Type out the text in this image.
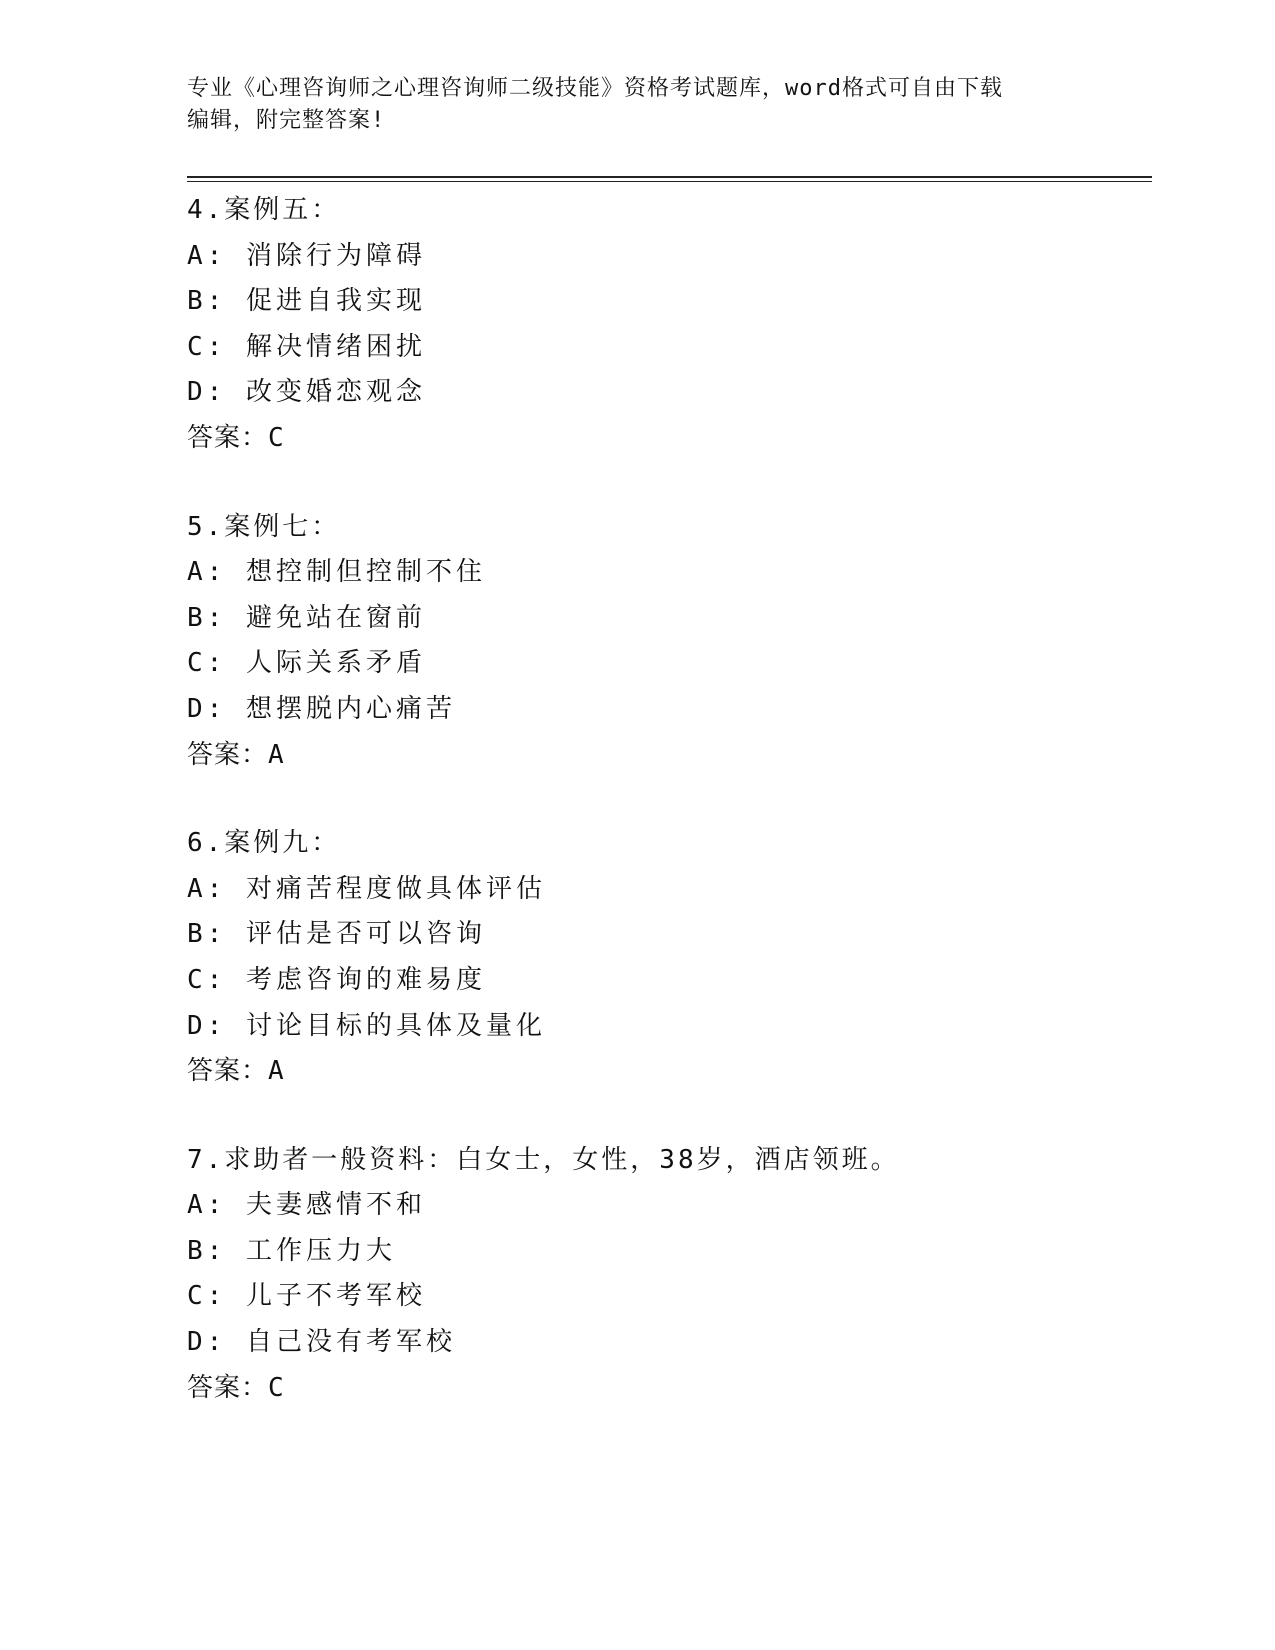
专业《心理咨询师之心理咨询师二级技能》资格考试题库，word格式可自由下载
编辑，附完整答案!
4.案例五：
A: 消除行为障碍
B: 促进自我实现
C: 解决情绪困扰
D: 改变婚恋观念
答案：C
5.案例七：
A: 想控制但控制不住
B: 避免站在窗前
C: 人际关系矛盾
D: 想摆脱内心痛苦
答案：A
6.案例九：
A: 对痛苦程度做具体评估
B: 评估是否可以咨询
C: 考虑咨询的难易度
D: 讨论目标的具体及量化
答案：A
7.求助者一般资料：白女士，女性，38岁，酒店领班。
A: 夫妻感情不和
B: 工作压力大
C: 儿子不考军校
D: 自己没有考军校
答案：C
